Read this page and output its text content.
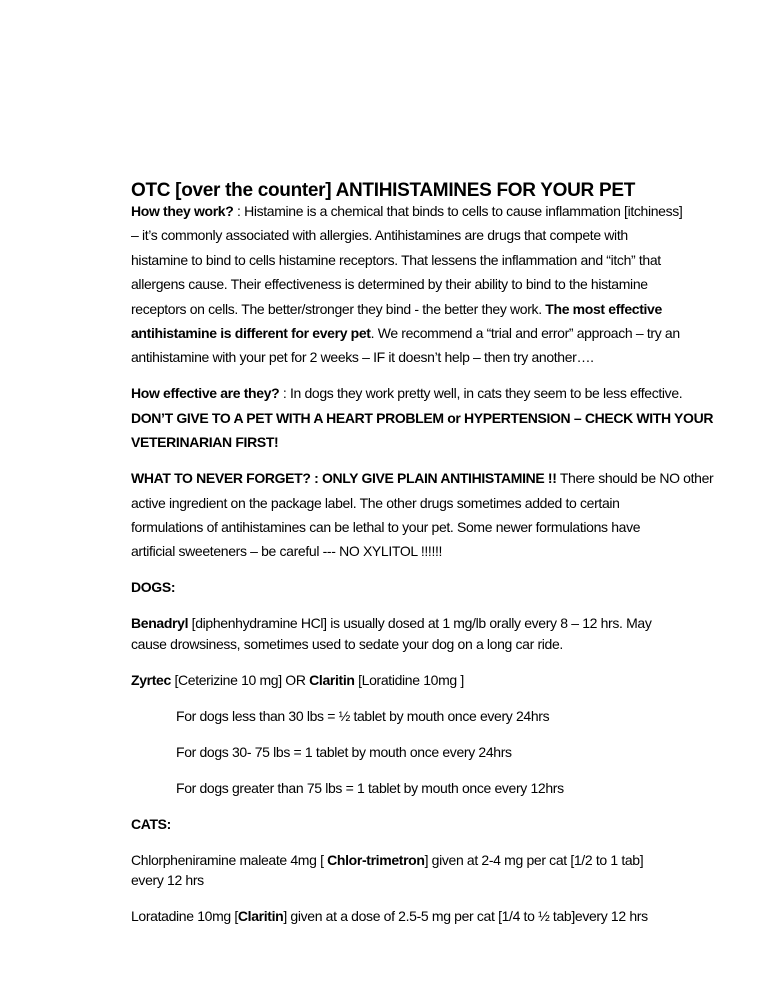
OTC [over the counter] ANTIHISTAMINES FOR YOUR PET
How they work? : Histamine is a chemical that binds to cells to cause inflammation [itchiness]
– it’s commonly associated with allergies. Antihistamines are drugs that compete with
histamine to bind to cells histamine receptors. That lessens the inflammation and “itch” that
allergens cause. Their effectiveness is determined by their ability to bind to the histamine
receptors on cells. The better/stronger they bind - the better they work. The most effective
antihistamine is different for every pet. We recommend a “trial and error” approach – try an
antihistamine with your pet for 2 weeks – IF it doesn’t help – then try another….
How effective are they? : In dogs they work pretty well, in cats they seem to be less effective.
DON’T GIVE TO A PET WITH A HEART PROBLEM or HYPERTENSION – CHECK WITH YOUR
VETERINARIAN FIRST!
WHAT TO NEVER FORGET? : ONLY GIVE PLAIN ANTIHISTAMINE !! There should be NO other
active ingredient on the package label. The other drugs sometimes added to certain
formulations of antihistamines can be lethal to your pet. Some newer formulations have
artificial sweeteners – be careful --- NO XYLITOL !!!!!!
DOGS:
Benadryl [diphenhydramine HCl] is usually dosed at 1 mg/lb orally every 8 – 12 hrs. May
cause drowsiness, sometimes used to sedate your dog on a long car ride.
Zyrtec [Ceterizine 10 mg] OR Claritin [Loratidine 10mg ]
For dogs less than 30 lbs = ½ tablet by mouth once every 24hrs
For dogs 30- 75 lbs = 1 tablet by mouth once every 24hrs
For dogs greater than 75 lbs = 1 tablet by mouth once every 12hrs
CATS:
Chlorpheniramine maleate 4mg [ Chlor-trimetron] given at 2-4 mg per cat [1/2 to 1 tab]
every 12 hrs
Loratadine 10mg [Claritin] given at a dose of 2.5-5 mg per cat [1/4 to ½ tab]every 12 hrs
